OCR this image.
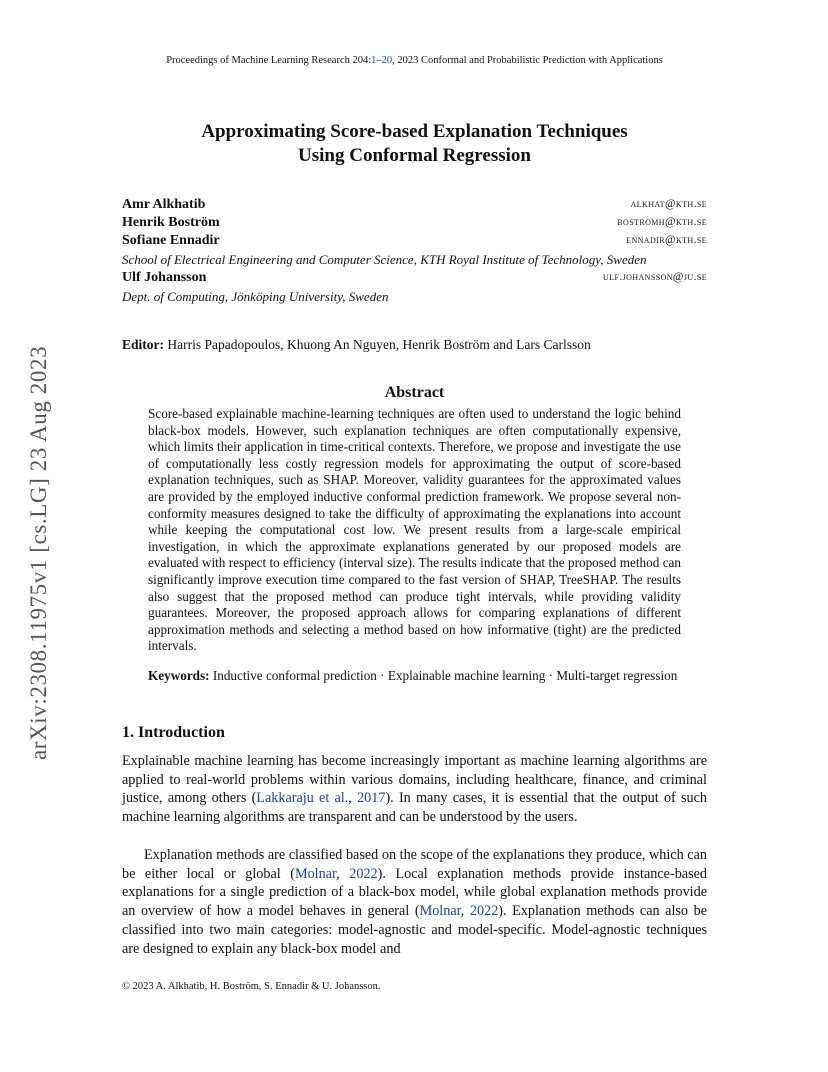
Proceedings of Machine Learning Research 204:1–20, 2023 Conformal and Probabilistic Prediction with Applications
Approximating Score-based Explanation Techniques
Using Conformal Regression
Amr Alkhatib	alkhat@kth.se
Henrik Boström	bostromh@kth.se
Sofiane Ennadir	ennadir@kth.se
School of Electrical Engineering and Computer Science, KTH Royal Institute of Technology, Sweden
Ulf Johansson	ulf.johansson@ju.se
Dept. of Computing, Jönköping University, Sweden
Editor: Harris Papadopoulos, Khuong An Nguyen, Henrik Boström and Lars Carlsson
Abstract
Score-based explainable machine-learning techniques are often used to understand the logic behind black-box models. However, such explanation techniques are often computationally expensive, which limits their application in time-critical contexts. Therefore, we propose and investigate the use of computationally less costly regression models for approximating the output of score-based explanation techniques, such as SHAP. Moreover, validity guarantees for the approximated values are provided by the employed inductive conformal prediction framework. We propose several non-conformity measures designed to take the difficulty of approximating the explanations into account while keeping the computational cost low. We present results from a large-scale empirical investigation, in which the approximate explanations generated by our proposed models are evaluated with respect to efficiency (interval size). The results indicate that the proposed method can significantly improve execution time compared to the fast version of SHAP, TreeSHAP. The results also suggest that the proposed method can produce tight intervals, while providing validity guarantees. Moreover, the proposed approach allows for comparing explanations of different approximation methods and selecting a method based on how informative (tight) are the predicted intervals.
Keywords: Inductive conformal prediction · Explainable machine learning · Multi-target regression
1. Introduction
Explainable machine learning has become increasingly important as machine learning algorithms are applied to real-world problems within various domains, including healthcare, finance, and criminal justice, among others (Lakkaraju et al., 2017). In many cases, it is essential that the output of such machine learning algorithms are transparent and can be understood by the users.
Explanation methods are classified based on the scope of the explanations they produce, which can be either local or global (Molnar, 2022). Local explanation methods provide instance-based explanations for a single prediction of a black-box model, while global explanation methods provide an overview of how a model behaves in general (Molnar, 2022). Explanation methods can also be classified into two main categories: model-agnostic and model-specific. Model-agnostic techniques are designed to explain any black-box model and
© 2023 A. Alkhatib, H. Boström, S. Ennadir & U. Johansson.
arXiv:2308.11975v1 [cs.LG] 23 Aug 2023
